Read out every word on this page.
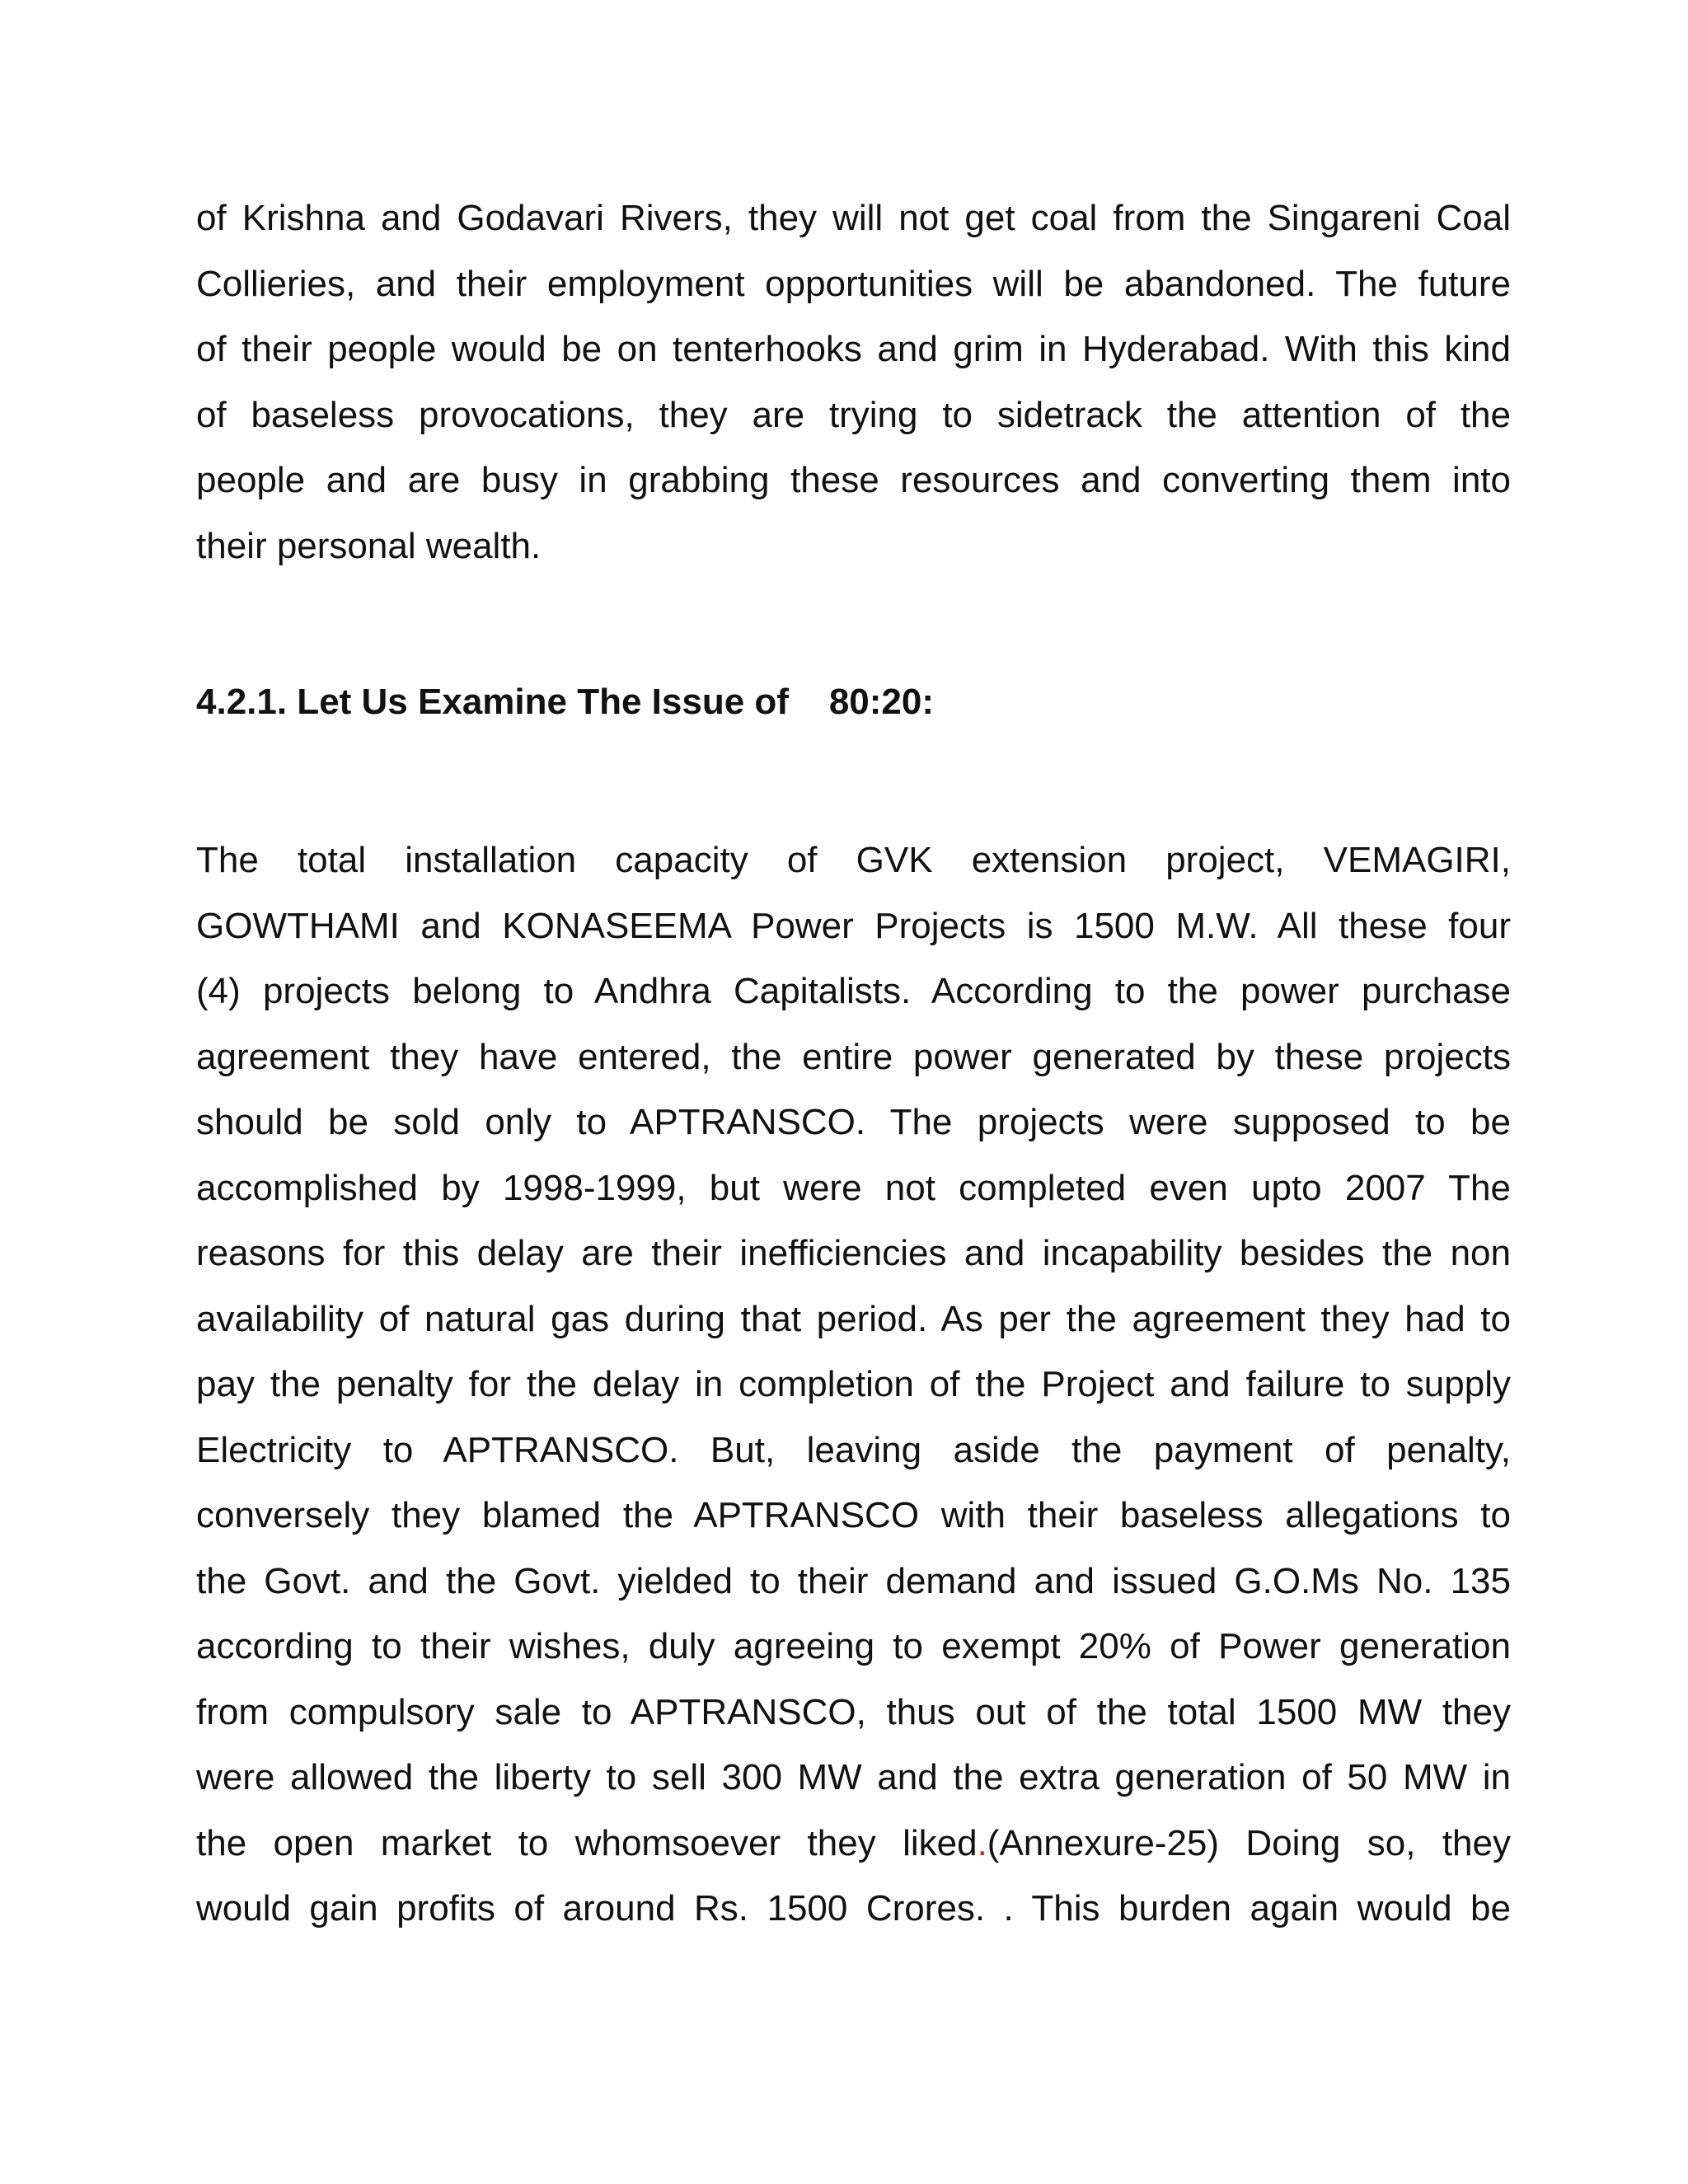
of Krishna and Godavari Rivers, they will not get coal from the Singareni Coal
Collieries, and their employment opportunities will be abandoned. The future
of their people would be on tenterhooks and grim in Hyderabad. With this kind
of baseless provocations, they are trying to sidetrack the attention of the
people and are busy in grabbing these resources and converting them into
their personal wealth.

4.2.1. Let Us Examine The Issue of    80:20:

The total installation capacity of GVK extension project, VEMAGIRI,
GOWTHAMI and KONASEEMA Power Projects is 1500 M.W. All these four
(4) projects belong to Andhra Capitalists. According to the power purchase
agreement they have entered, the entire power generated by these projects
should be sold only to APTRANSCO. The projects were supposed to be
accomplished by 1998-1999, but were not completed even upto 2007 The
reasons for this delay are their inefficiencies and incapability besides the non
availability of natural gas during that period. As per the agreement they had to
pay the penalty for the delay in completion of the Project and failure to supply
Electricity to APTRANSCO. But, leaving aside the payment of penalty,
conversely they blamed the APTRANSCO with their baseless allegations to
the Govt. and the Govt. yielded to their demand and issued G.O.Ms No. 135
according to their wishes, duly agreeing to exempt 20% of Power generation
from compulsory sale to APTRANSCO, thus out of the total 1500 MW they
were allowed the liberty to sell 300 MW and the extra generation of 50 MW in
the open market to whomsoever they liked.(Annexure-25) Doing so, they
would gain profits of around Rs. 1500 Crores. . This burden again would be
